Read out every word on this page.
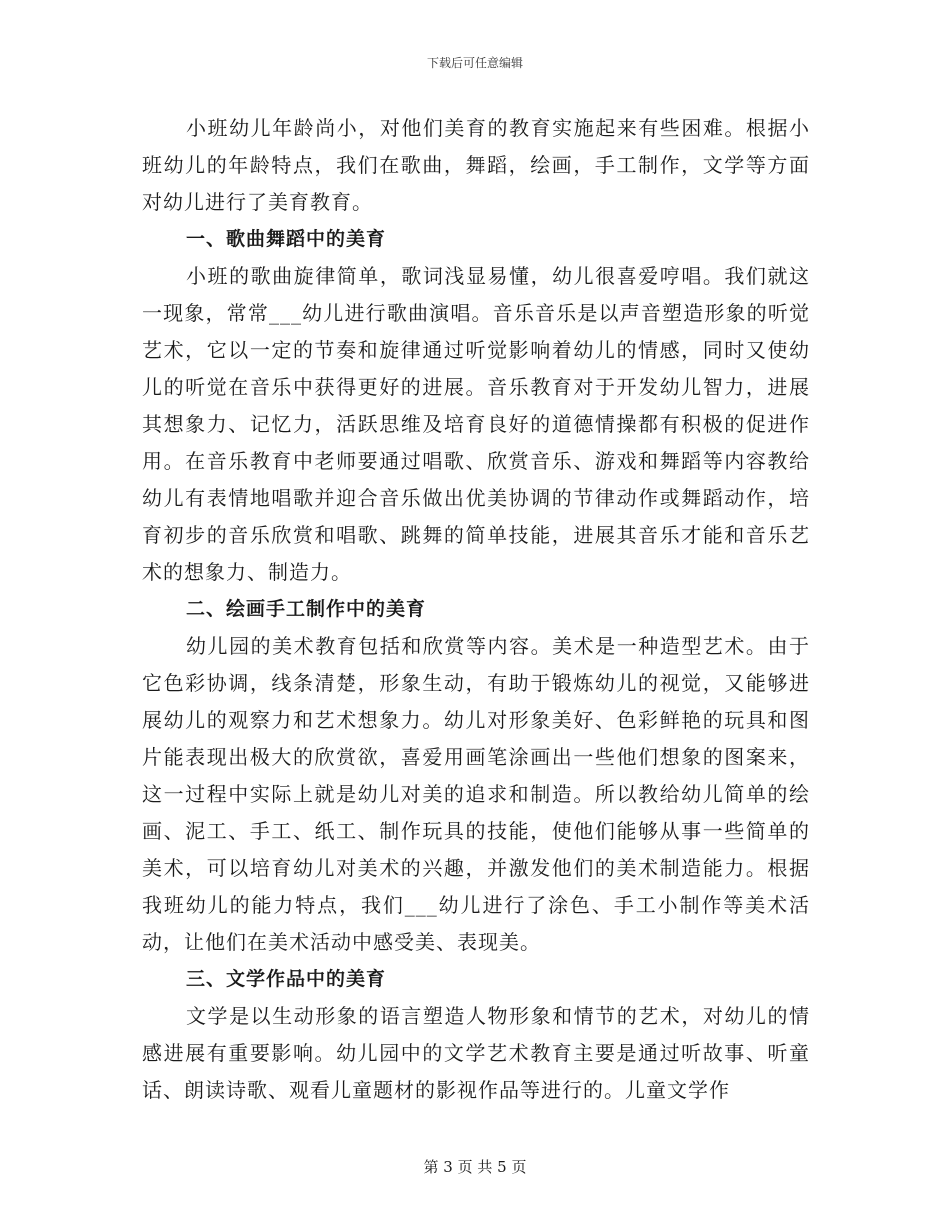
下载后可任意编辑

小班幼儿年龄尚小，对他们美育的教育实施起来有些困难。根据小班幼儿的年龄特点，我们在歌曲，舞蹈，绘画，手工制作，文学等方面对幼儿进行了美育教育。

一、歌曲舞蹈中的美育

小班的歌曲旋律简单，歌词浅显易懂，幼儿很喜爱哼唱。我们就这一现象，常常___幼儿进行歌曲演唱。音乐音乐是以声音塑造形象的听觉艺术，它以一定的节奏和旋律通过听觉影响着幼儿的情感，同时又使幼儿的听觉在音乐中获得更好的进展。音乐教育对于开发幼儿智力，进展其想象力、记忆力，活跃思维及培育良好的道德情操都有积极的促进作用。在音乐教育中老师要通过唱歌、欣赏音乐、游戏和舞蹈等内容教给幼儿有表情地唱歌并迎合音乐做出优美协调的节律动作或舞蹈动作，培育初步的音乐欣赏和唱歌、跳舞的简单技能，进展其音乐才能和音乐艺术的想象力、制造力。

二、绘画手工制作中的美育

幼儿园的美术教育包括和欣赏等内容。美术是一种造型艺术。由于它色彩协调，线条清楚，形象生动，有助于锻炼幼儿的视觉，又能够进展幼儿的观察力和艺术想象力。幼儿对形象美好、色彩鲜艳的玩具和图片能表现出极大的欣赏欲，喜爱用画笔涂画出一些他们想象的图案来，这一过程中实际上就是幼儿对美的追求和制造。所以教给幼儿简单的绘画、泥工、手工、纸工、制作玩具的技能，使他们能够从事一些简单的美术，可以培育幼儿对美术的兴趣，并激发他们的美术制造能力。根据我班幼儿的能力特点，我们___幼儿进行了涂色、手工小制作等美术活动，让他们在美术活动中感受美、表现美。

三、文学作品中的美育

文学是以生动形象的语言塑造人物形象和情节的艺术，对幼儿的情感进展有重要影响。幼儿园中的文学艺术教育主要是通过听故事、听童话、朗读诗歌、观看儿童题材的影视作品等进行的。儿童文学作

第 3 页 共 5 页
